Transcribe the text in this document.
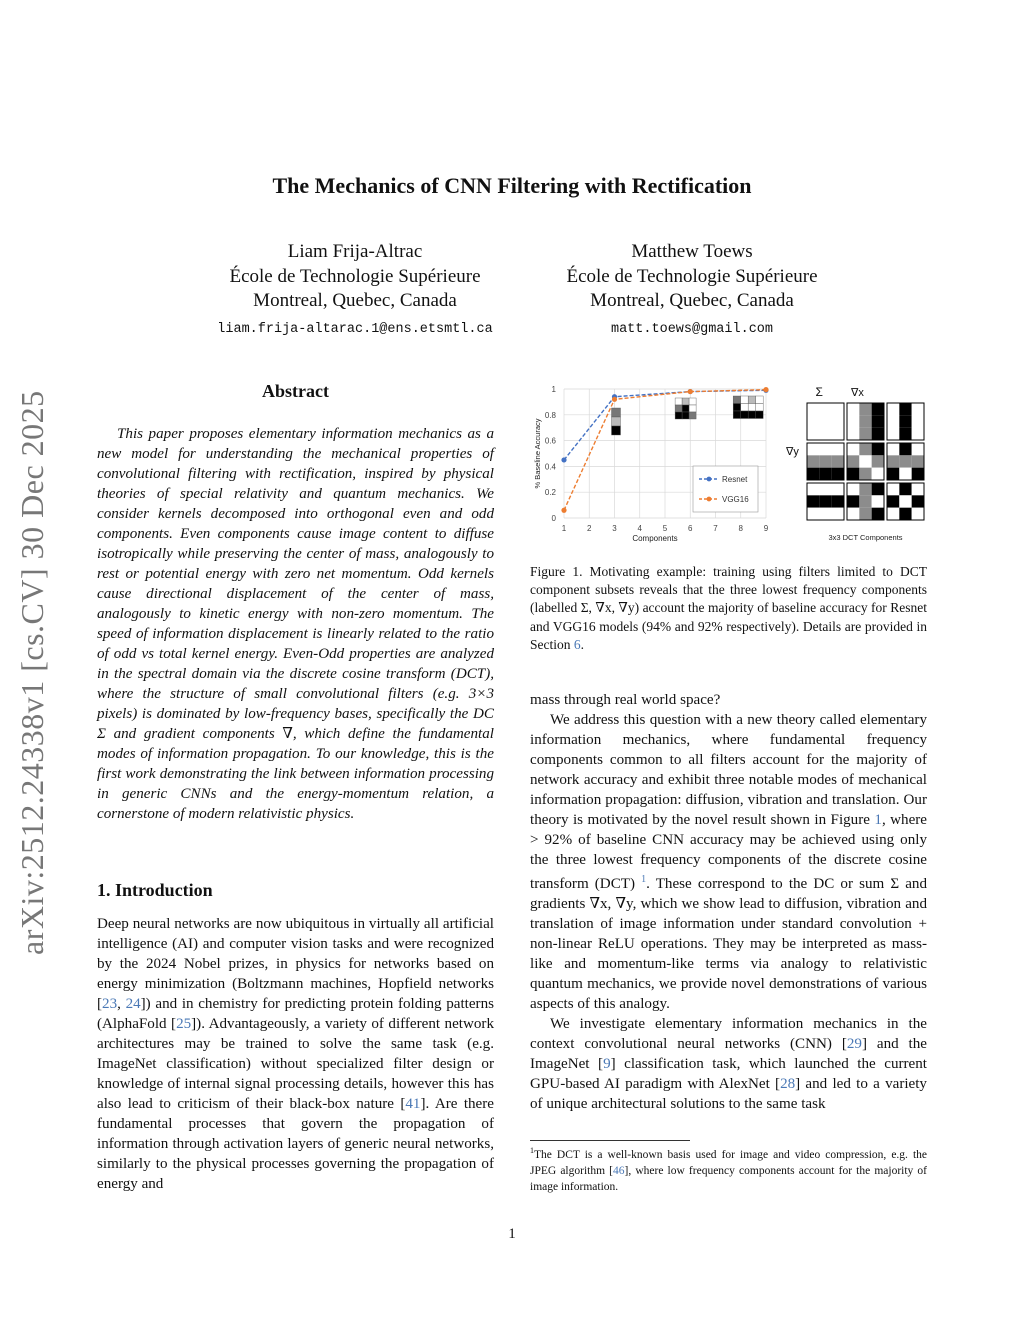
The Mechanics of CNN Filtering with Rectification
Liam Frija-Altrac
École de Technologie Supérieure
Montreal, Quebec, Canada
liam.frija-altarac.1@ens.etsmtl.ca
Matthew Toews
École de Technologie Supérieure
Montreal, Quebec, Canada
matt.toews@gmail.com
arXiv:2512.24338v1 [cs.CV] 30 Dec 2025	Abstract

This paper proposes elementary information mechanics as a new model for understanding the mechanical properties of convolutional filtering with rectification, inspired by physical theories of special relativity and quantum mechanics. We consider kernels decomposed into orthogonal even and odd components. Even components cause image content to diffuse isotropically while preserving the center of mass, analogously to rest or potential energy with zero net momentum. Odd kernels cause directional displacement of the center of mass, analogously to kinetic energy with non-zero momentum. The speed of information displacement is linearly related to the ratio of odd vs total kernel energy. Even-Odd properties are analyzed in the spectral domain via the discrete cosine transform (DCT), where the structure of small convolutional filters (e.g. 3×3 pixels) is dominated by low-frequency bases, specifically the DC Σ and gradient components ∇, which define the fundamental modes of information propagation. To our knowledge, this is the first work demonstrating the link between information processing in generic CNNs and the energy-momentum relation, a cornerstone of modern relativistic physics.

1. Introduction

Deep neural networks are now ubiquitous in virtually all artificial intelligence (AI) and computer vision tasks and were recognized by the 2024 Nobel prizes, in physics for networks based on energy minimization (Boltzmann machines, Hopfield networks [23, 24]) and in chemistry for predicting protein folding patterns (AlphaFold [25]). Advantageously, a variety of different network architectures may be trained to solve the same task (e.g. ImageNet classification) without specialized filter design or knowledge of internal signal processing details, however this has also lead to criticism of their black-box nature [41]. Are there fundamental processes that govern the propagation of information through activation layers of generic neural networks, similarly to the physical processes governing the propagation of energy and

1	2	3	4	5	6	7	8	9
0
0.2
0.4
0.6
0.8
1
Components
% Baseline Accuracy	Resnet
VGG16
Σ	∇x
∇y
3x3 DCT Components
Figure 1. Motivating example: training using filters limited to DCT component subsets reveals that the three lowest frequency components (labelled Σ, ∇x, ∇y) account the majority of baseline accuracy for Resnet and VGG16 models (94% and 92% respectively). Details are provided in Section 6.

mass through real world space?

We address this question with a new theory called elementary information mechanics, where fundamental frequency components common to all filters account for the majority of network accuracy and exhibit three notable modes of mechanical information propagation: diffusion, vibration and translation. Our theory is motivated by the novel result shown in Figure 1, where > 92% of baseline CNN accuracy may be achieved using only the three lowest frequency components of the discrete cosine transform (DCT) $^1$. These correspond to the DC or sum Σ and gradients ∇x, ∇y, which we show lead to diffusion, vibration and translation of image information under standard convolution + non-linear ReLU operations. They may be interpreted as mass-like and momentum-like terms via analogy to relativistic quantum mechanics, we provide novel demonstrations of various aspects of this analogy.

We investigate elementary information mechanics in the context convolutional neural networks (CNN) [29] and the ImageNet [9] classification task, which launched the current GPU-based AI paradigm with AlexNet [28] and led to a variety of unique architectural solutions to the same task

$^1$The DCT is a well-known basis used for image and video compression, e.g. the JPEG algorithm [46], where low frequency components account for the majority of image information.
1
